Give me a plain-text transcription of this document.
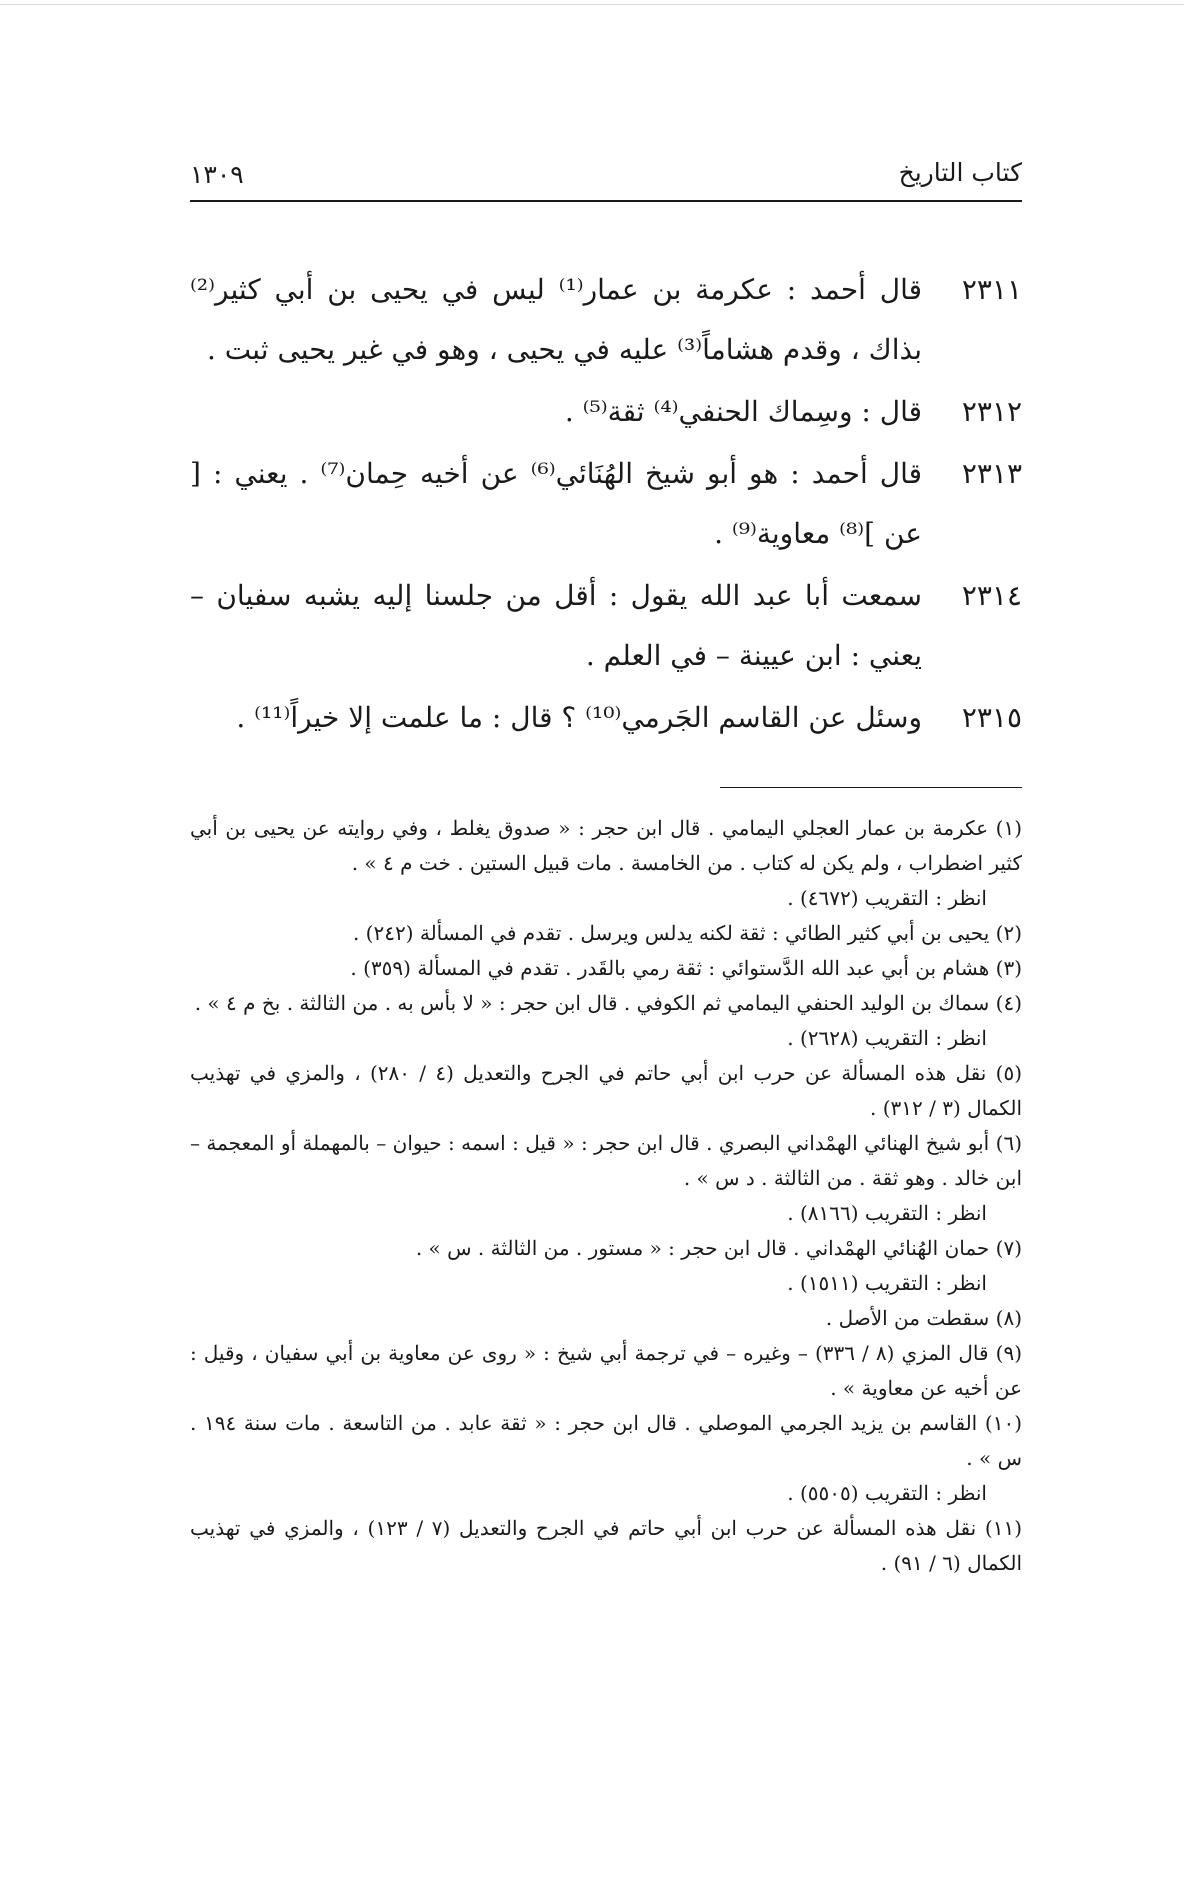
كتاب التاريخ
١٣٠٩
٢٣١١
قال أحمد : عكرمة بن عمار⁽¹⁾ ليس في يحيى بن أبي كثير⁽²⁾ بذاك ، وقدم هشاماً⁽³⁾ عليه في يحيى ، وهو في غير يحيى ثبت .
٢٣١٢
قال : وسِماك الحنفي⁽⁴⁾ ثقة⁽⁵⁾ .
٢٣١٣
قال أحمد : هو أبو شيخ الهُنَائي⁽⁶⁾ عن أخيه حِمان⁽⁷⁾ . يعني : [ عن ]⁽⁸⁾ معاوية⁽⁹⁾ .
٢٣١٤
سمعت أبا عبد الله يقول : أقل من جلسنا إليه يشبه سفيان – يعني : ابن عيينة – في العلم .
٢٣١٥
وسئل عن القاسم الجَرمي⁽¹⁰⁾ ؟ قال : ما علمت إلا خيراً⁽¹¹⁾ .
(١) عكرمة بن عمار العجلي اليمامي . قال ابن حجر : « صدوق يغلط ، وفي روايته عن يحيى بن أبي كثير اضطراب ، ولم يكن له كتاب . من الخامسة . مات قبيل الستين . خت م ٤ » .
انظر : التقريب (٤٦٧٢) .
(٢) يحيى بن أبي كثير الطائي : ثقة لكنه يدلس ويرسل . تقدم في المسألة (٢٤٢) .
(٣) هشام بن أبي عبد الله الدَّستوائي : ثقة رمي بالقَدر . تقدم في المسألة (٣٥٩) .
(٤) سماك بن الوليد الحنفي اليمامي ثم الكوفي . قال ابن حجر : « لا بأس به . من الثالثة . بخ م ٤ » .
انظر : التقريب (٢٦٢٨) .
(٥) نقل هذه المسألة عن حرب ابن أبي حاتم في الجرح والتعديل (٤ / ٢٨٠) ، والمزي في تهذيب الكمال (٣ / ٣١٢) .
(٦) أبو شيخ الهنائي الهمْداني البصري . قال ابن حجر : « قيل : اسمه : حيوان – بالمهملة أو المعجمة – ابن خالد . وهو ثقة . من الثالثة . د س » .
انظر : التقريب (٨١٦٦) .
(٧) حمان الهُنائي الهمْداني . قال ابن حجر : « مستور . من الثالثة . س » .
انظر : التقريب (١٥١١) .
(٨) سقطت من الأصل .
(٩) قال المزي (٨ / ٣٣٦) – وغيره – في ترجمة أبي شيخ : « روى عن معاوية بن أبي سفيان ، وقيل : عن أخيه عن معاوية » .
(١٠) القاسم بن يزيد الجرمي الموصلي . قال ابن حجر : « ثقة عابد . من التاسعة . مات سنة ١٩٤ . س » .
انظر : التقريب (٥٥٠٥) .
(١١) نقل هذه المسألة عن حرب ابن أبي حاتم في الجرح والتعديل (٧ / ١٢٣) ، والمزي في تهذيب الكمال (٦ / ٩١) .
